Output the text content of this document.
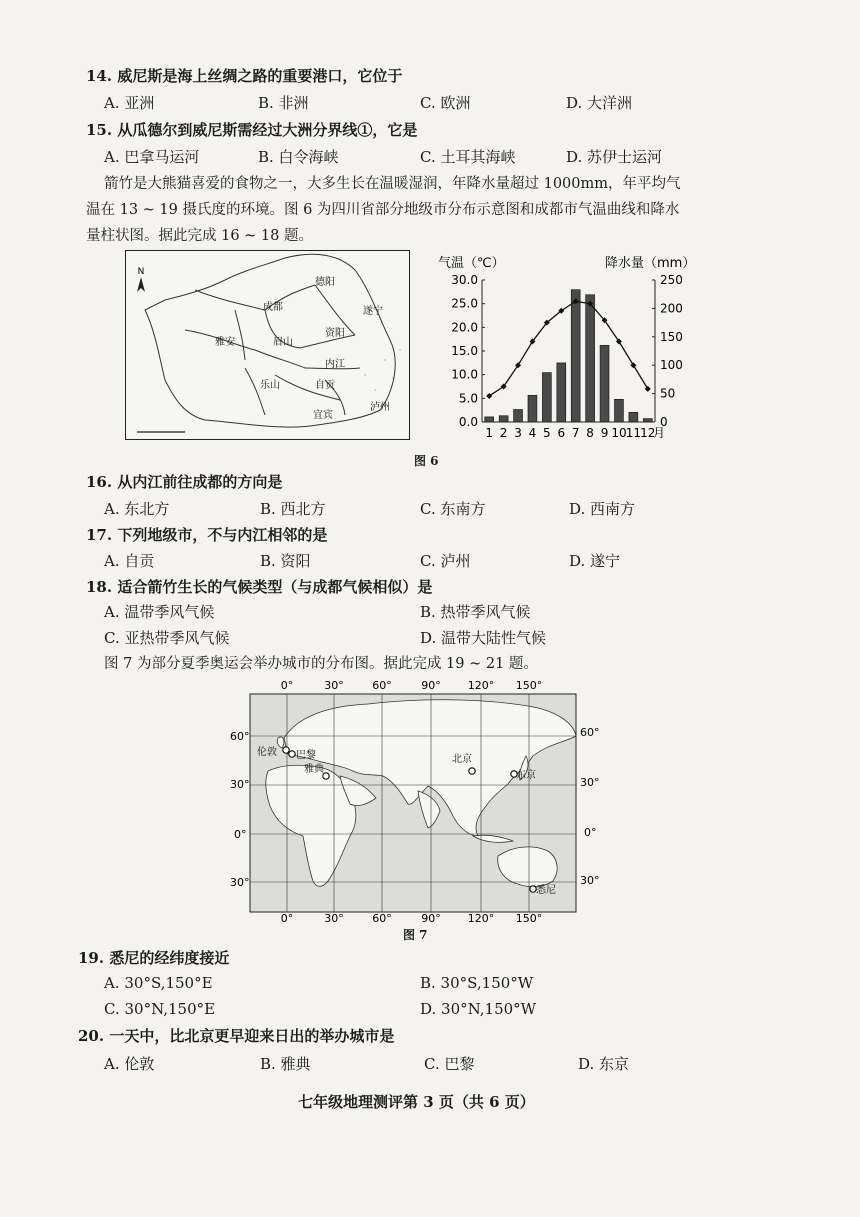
14. 威尼斯是海上丝绸之路的重要港口，它位于
A. 亚洲	B. 非洲	C. 欧洲	D. 大洋洲
15. 从瓜德尔到威尼斯需经过大洲分界线①，它是
A. 巴拿马运河	B. 白令海峡	C. 土耳其海峡	D. 苏伊士运河
箭竹是大熊猫喜爱的食物之一，大多生长在温暖湿润，年降水量超过 1000mm，年平均气
温在 13 ~ 19 摄氏度的环境。图 6 为四川省部分地级市分布示意图和成都市气温曲线和降水
量柱状图。据此完成 16 ~ 18 题。
N
德阳
成都	遂宁
资阳
雅安	眉山
内江
乐山	自贡
宜宾
泸州
气温（℃）	降水量（mm）
30.0
25.0
20.0
15.0
10.0
5.0
0.0
250
200
150
100
50
0
1 2 3 4 5 6 7 8 9 10 11 12
月
图 6
16. 从内江前往成都的方向是
A. 东北方	B. 西北方	C. 东南方	D. 西南方
17. 下列地级市，不与内江相邻的是
A. 自贡	B. 资阳	C. 泸州	D. 遂宁
18. 适合箭竹生长的气候类型（与成都气候相似）是
A. 温带季风气候	B. 热带季风气候
C. 亚热带季风气候	D. 温带大陆性气候
图 7 为部分夏季奥运会举办城市的分布图。据此完成 19 ~ 21 题。
0°	30°	60°	90° 120° 150°
0°	30°	60°	90° 120° 150°
60°
30°
0°
30°
60°
30°
0°
30°
伦敦 巴黎
雅典
北京
东京
悉尼
图 7
19. 悉尼的经纬度接近
A. 30°S,150°E	B. 30°S,150°W
C. 30°N,150°E	D. 30°N,150°W
20. 一天中，比北京更早迎来日出的举办城市是
A. 伦敦	B. 雅典	C. 巴黎	D. 东京
七年级地理测评第 3 页（共 6 页）
